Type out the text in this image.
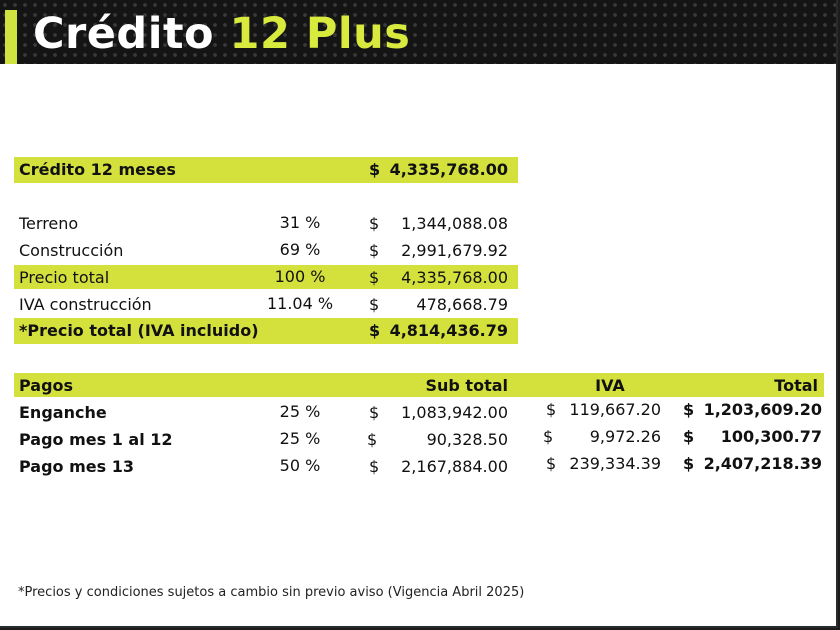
Crédito 12 Plus
Crédito 12 meses	$ 4,335,768.00
Terreno	31 %	$	1,344,088.08
Construcción	69 %	$	2,991,679.92
Precio total	100 %	$	4,335,768.00
IVA construcción	11.04 %	$	478,668.79
*Precio total (IVA incluido)	$ 4,814,436.79
Pagos	Sub total	IVA	Total
Enganche	25 %	$	1,083,942.00 $ 119,667.20 $ 1,203,609.20
Pago mes 1 al 12	25 %	$	90,328.50 $	9,972.26 $	100,300.77
Pago mes 13	50 %	$	2,167,884.00 $ 239,334.39 $ 2,407,218.39
*Precios y condiciones sujetos a cambio sin previo aviso (Vigencia Abril 2025)
